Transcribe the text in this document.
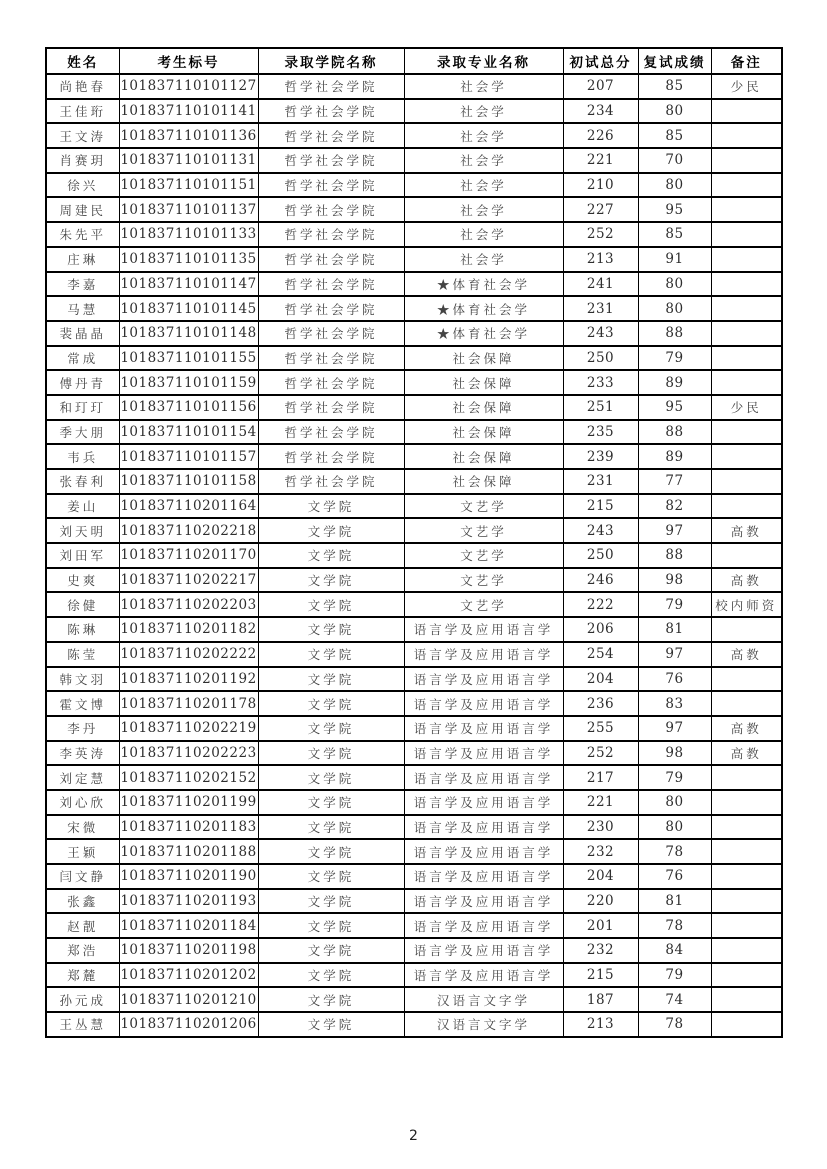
姓名	考生标号	录取学院名称	录取专业名称	初试总分	复试成绩	备注
尚艳春	101837110101127	哲学社会学院	社会学	207	85	少民
王佳珩	101837110101141	哲学社会学院	社会学	234	80	
王文涛	101837110101136	哲学社会学院	社会学	226	85	
肖赛玥	101837110101131	哲学社会学院	社会学	221	70	
徐兴	101837110101151	哲学社会学院	社会学	210	80	
周建民	101837110101137	哲学社会学院	社会学	227	95	
朱先平	101837110101133	哲学社会学院	社会学	252	85	
庄琳	101837110101135	哲学社会学院	社会学	213	91	
李嘉	101837110101147	哲学社会学院	★体育社会学	241	80	
马慧	101837110101145	哲学社会学院	★体育社会学	231	80	
裴晶晶	101837110101148	哲学社会学院	★体育社会学	243	88	
常成	101837110101155	哲学社会学院	社会保障	250	79	
傅丹青	101837110101159	哲学社会学院	社会保障	233	89	
和玎玎	101837110101156	哲学社会学院	社会保障	251	95	少民
季大朋	101837110101154	哲学社会学院	社会保障	235	88	
韦兵	101837110101157	哲学社会学院	社会保障	239	89	
张春利	101837110101158	哲学社会学院	社会保障	231	77	
姜山	101837110201164	文学院	文艺学	215	82	
刘天明	101837110202218	文学院	文艺学	243	97	高教
刘田军	101837110201170	文学院	文艺学	250	88	
史爽	101837110202217	文学院	文艺学	246	98	高教
徐健	101837110202203	文学院	文艺学	222	79	校内师资
陈琳	101837110201182	文学院	语言学及应用语言学	206	81	
陈莹	101837110202222	文学院	语言学及应用语言学	254	97	高教
韩文羽	101837110201192	文学院	语言学及应用语言学	204	76	
霍文博	101837110201178	文学院	语言学及应用语言学	236	83	
李丹	101837110202219	文学院	语言学及应用语言学	255	97	高教
李英涛	101837110202223	文学院	语言学及应用语言学	252	98	高教
刘定慧	101837110202152	文学院	语言学及应用语言学	217	79	
刘心欣	101837110201199	文学院	语言学及应用语言学	221	80	
宋微	101837110201183	文学院	语言学及应用语言学	230	80	
王颖	101837110201188	文学院	语言学及应用语言学	232	78	
闫文静	101837110201190	文学院	语言学及应用语言学	204	76	
张鑫	101837110201193	文学院	语言学及应用语言学	220	81	
赵靓	101837110201184	文学院	语言学及应用语言学	201	78	
郑浩	101837110201198	文学院	语言学及应用语言学	232	84	
郑麓	101837110201202	文学院	语言学及应用语言学	215	79	
孙元成	101837110201210	文学院	汉语言文字学	187	74	
王丛慧	101837110201206	文学院	汉语言文字学	213	78	
2
